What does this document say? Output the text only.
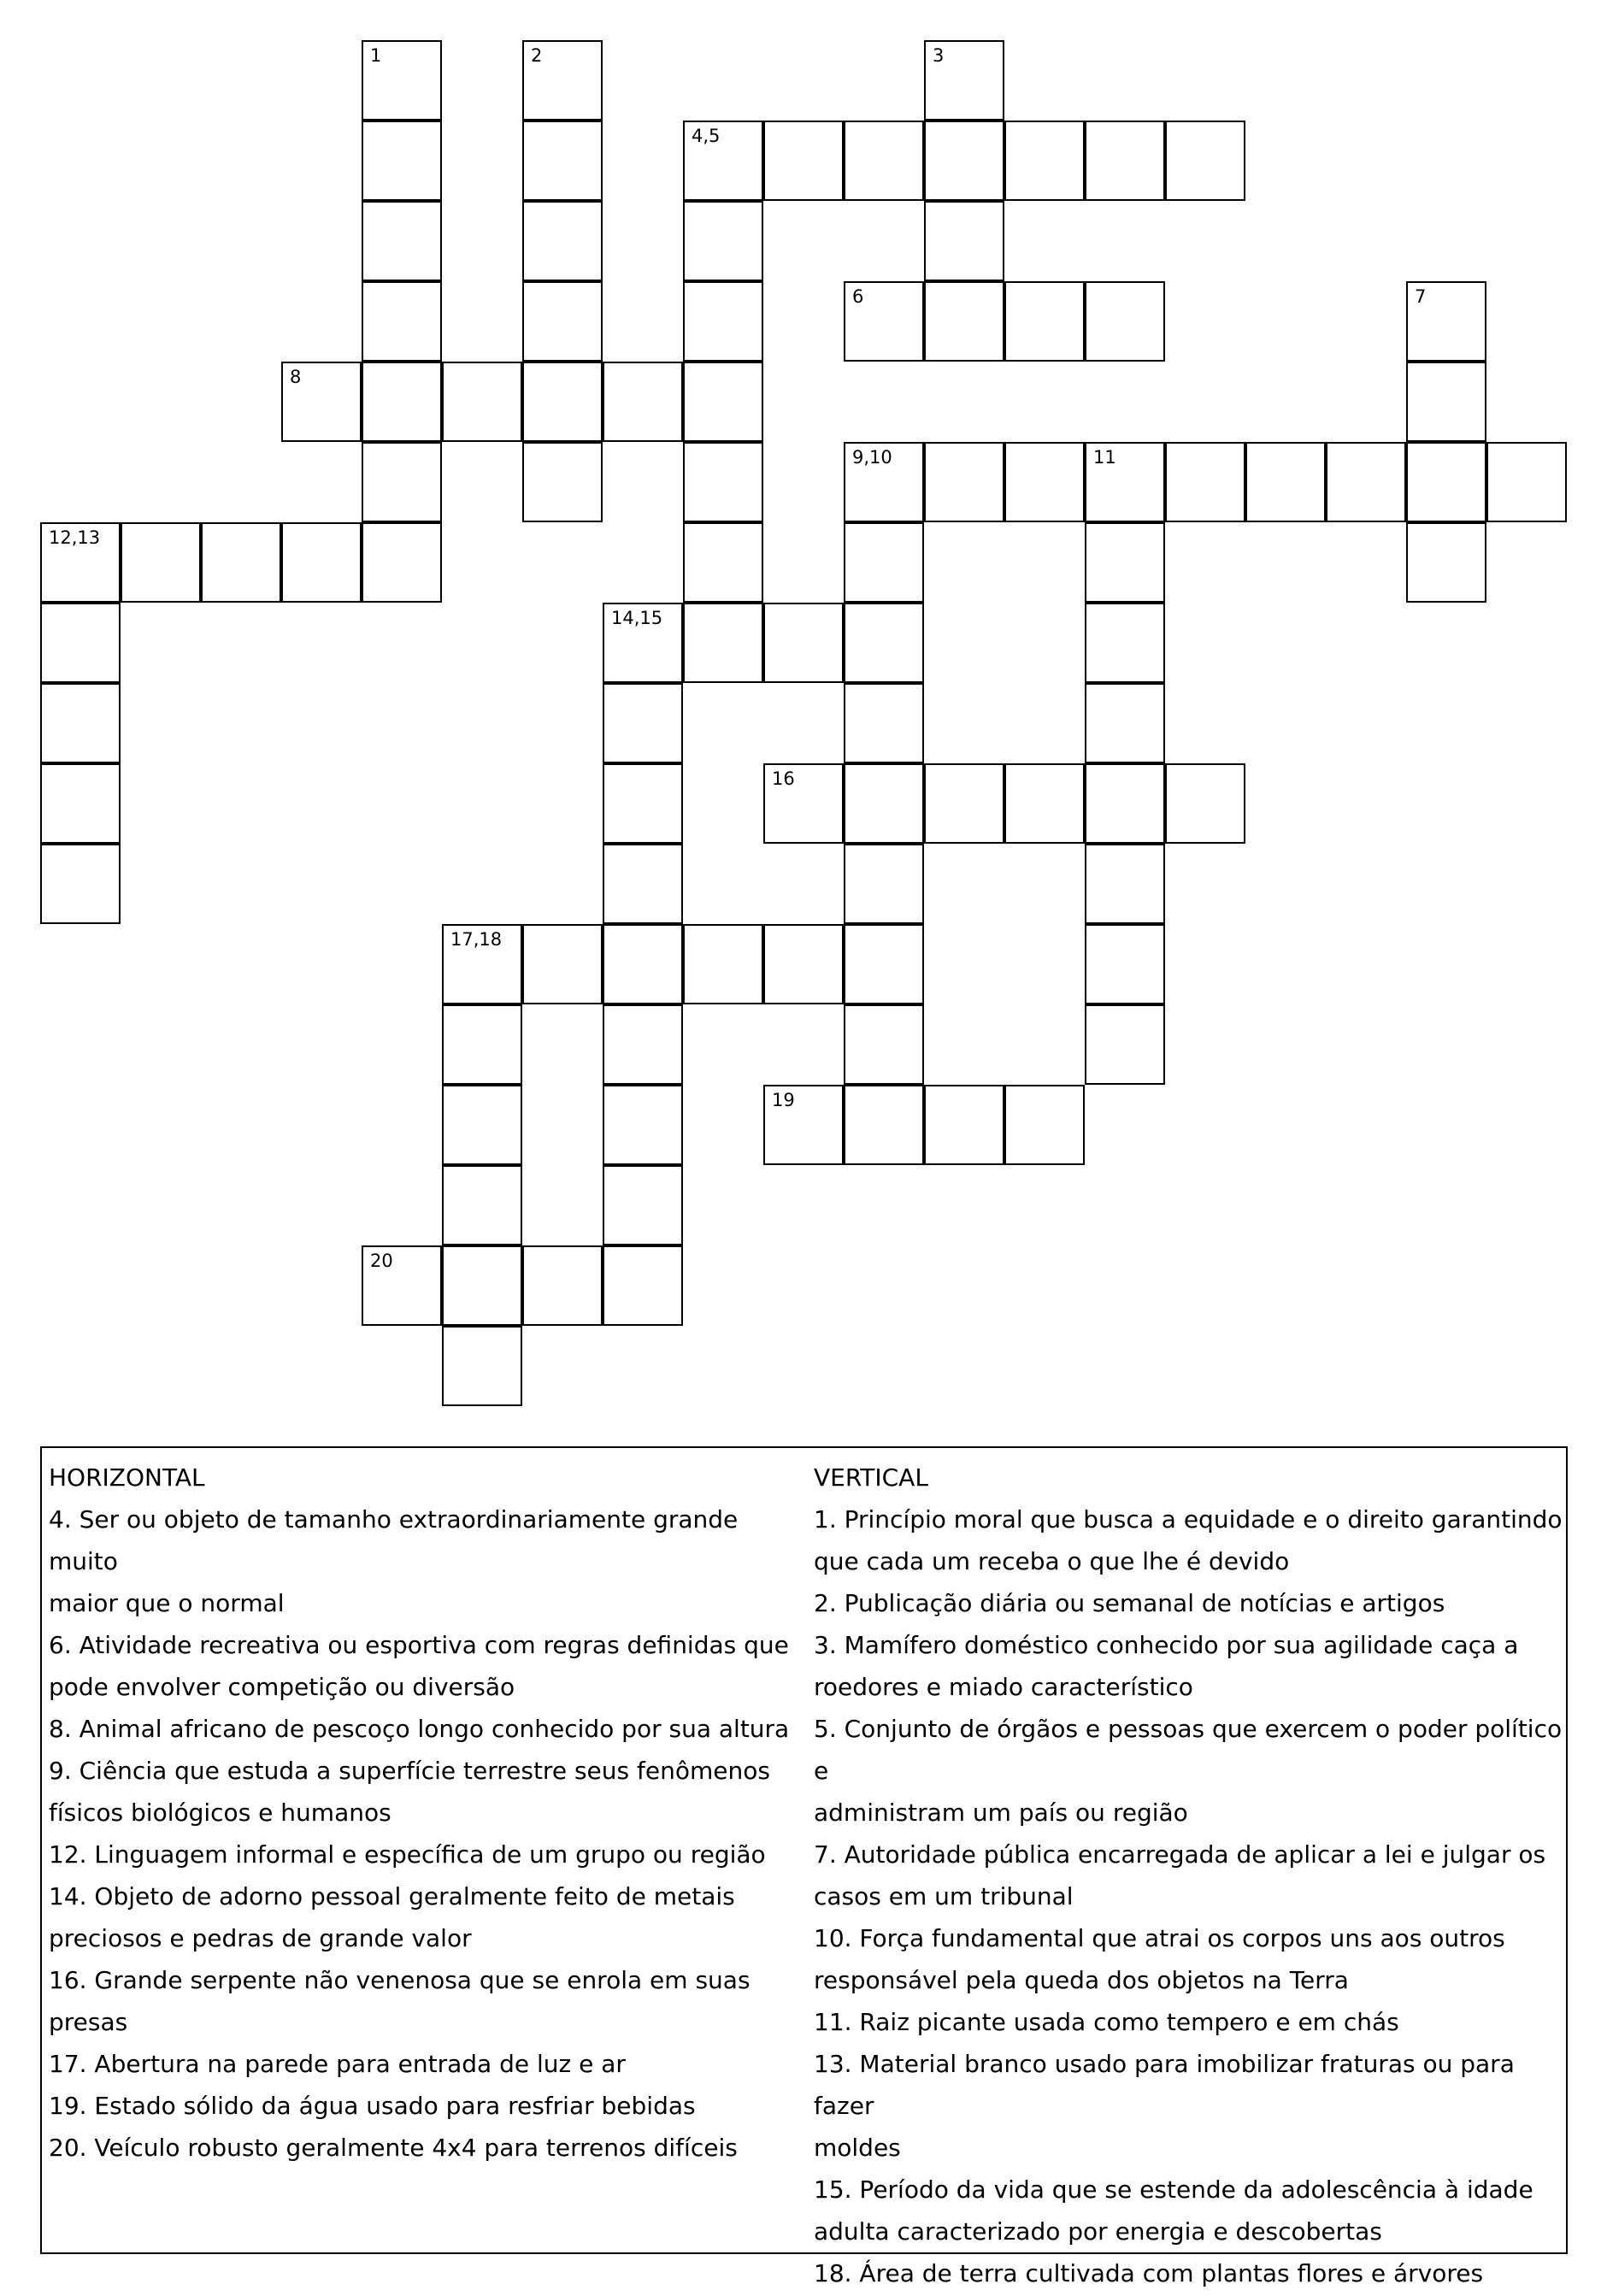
1	2	3
4,5
6	7
8
9,10	11
12,13
14,15
16
17,18
19
20
HORIZONTAL
4. Ser ou objeto de tamanho extraordinariamente grande muito
maior que o normal
6. Atividade recreativa ou esportiva com regras definidas que
pode envolver competição ou diversão
8. Animal africano de pescoço longo conhecido por sua altura
9. Ciência que estuda a superfície terrestre seus fenômenos
físicos biológicos e humanos
12. Linguagem informal e específica de um grupo ou região
14. Objeto de adorno pessoal geralmente feito de metais
preciosos e pedras de grande valor
16. Grande serpente não venenosa que se enrola em suas presas
17. Abertura na parede para entrada de luz e ar
19. Estado sólido da água usado para resfriar bebidas
20. Veículo robusto geralmente 4x4 para terrenos difíceis
VERTICAL
1. Princípio moral que busca a equidade e o direito garantindo
que cada um receba o que lhe é devido
2. Publicação diária ou semanal de notícias e artigos
3. Mamífero doméstico conhecido por sua agilidade caça a
roedores e miado característico
5. Conjunto de órgãos e pessoas que exercem o poder político e
administram um país ou região
7. Autoridade pública encarregada de aplicar a lei e julgar os
casos em um tribunal
10. Força fundamental que atrai os corpos uns aos outros
responsável pela queda dos objetos na Terra
11. Raiz picante usada como tempero e em chás
13. Material branco usado para imobilizar fraturas ou para fazer
moldes
15. Período da vida que se estende da adolescência à idade
adulta caracterizado por energia e descobertas
18. Área de terra cultivada com plantas flores e árvores
